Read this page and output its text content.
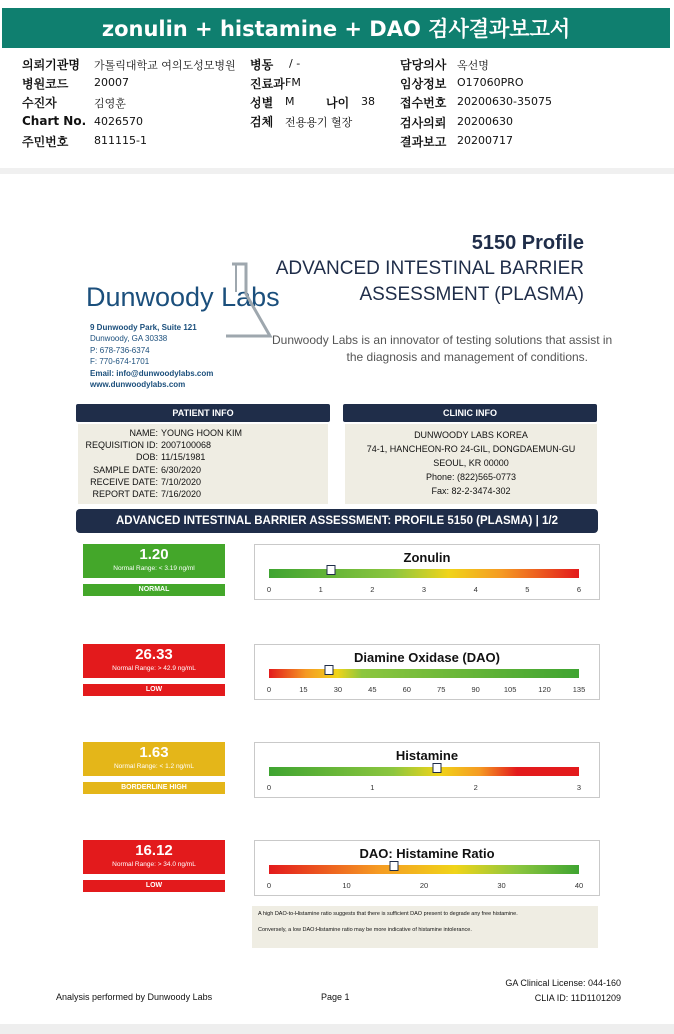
zonulin + histamine + DAO 검사결과보고서
의뢰기관명 가톨릭대학교 여의도성모병원 병동 / -	담당의사 옥선명
병원코드 20007	진료과 FM	임상정보 O17060PRO
수진자	김영훈	성별 M	나이 38 접수번호 20200630-35075
Chart No. 4026570	검체 전용용기 혈장	검사의뢰 20200630
주민번호 811115-1	결과보고 20200717
5150 Profile
ADVANCED INTESTINAL BARRIER
ASSESSMENT (PLASMA)
Dunwoody Labs
9 Dunwoody Park, Suite 121
Dunwoody, GA 30338
P: 678-736-6374
F: 770-674-1701
Email: info@dunwoodylabs.com
www.dunwoodylabs.com
Dunwoody Labs is an innovator of testing solutions that assist in
the diagnosis and management of conditions.
PATIENT INFO
NAME: YOUNG HOON KIM
REQUISITION ID: 2007100068
DOB: 11/15/1981
SAMPLE DATE: 6/30/2020
RECEIVE DATE: 7/10/2020
REPORT DATE: 7/16/2020
CLINIC INFO
DUNWOODY LABS KOREA
74-1, HANCHEON-RO 24-GIL, DONGDAEMUN-GU
SEOUL, KR 00000
Phone: (822)565-0773
Fax: 82-2-3474-302
ADVANCED INTESTINAL BARRIER ASSESSMENT: PROFILE 5150 (PLASMA) | 1/2
1.20
Normal Range: < 3.19 ng/ml
NORMAL
Zonulin
0	1	2	3	4	5	6
26.33
Normal Range: > 42.9 ng/mL
LOW
Diamine Oxidase (DAO)
0	15	30	45	60	75	90	105	120	135
1.63
Normal Range: < 1.2 ng/mL
BORDERLINE HIGH
Histamine
0	1	2	3
16.12
Normal Range: > 34.0 ng/mL
LOW
DAO: Histamine Ratio
0	10	20	30	40
A high DAO-to-Histamine ratio suggests that there is sufficient DAO present to degrade any free histamine.
Conversely, a low DAO:Histamine ratio may be more indicative of histamine intolerance.
Analysis performed by Dunwoody Labs	Page 1
GA Clinical License: 044-160
CLIA ID: 11D1101209
